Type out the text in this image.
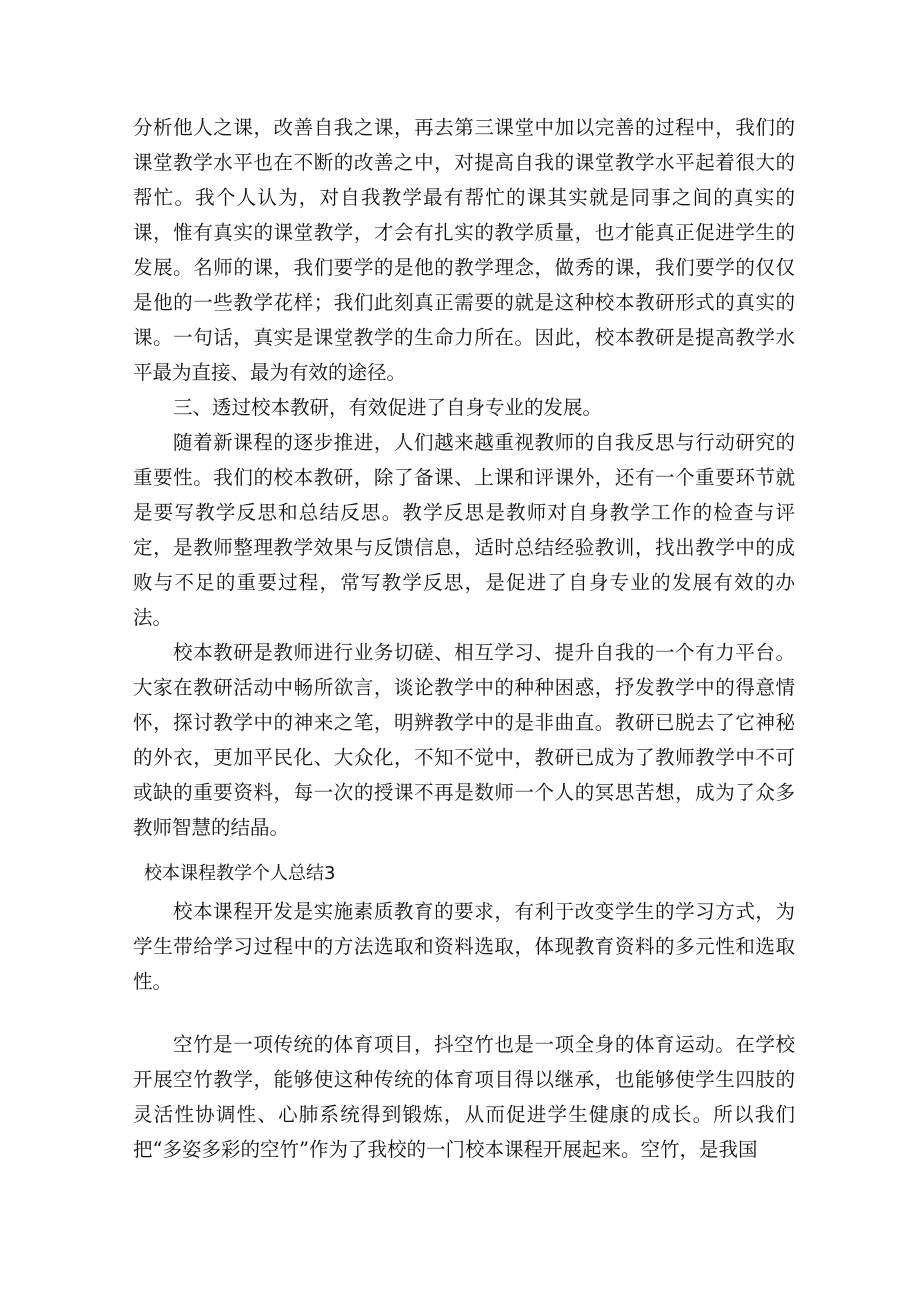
分析他人之课，改善自我之课，再去第三课堂中加以完善的过程中，我们的课堂教学水平也在不断的改善之中，对提高自我的课堂教学水平起着很大的帮忙。我个人认为，对自我教学最有帮忙的课其实就是同事之间的真实的课，惟有真实的课堂教学，才会有扎实的教学质量，也才能真正促进学生的发展。名师的课，我们要学的是他的教学理念，做秀的课，我们要学的仅仅是他的一些教学花样；我们此刻真正需要的就是这种校本教研形式的真实的课。一句话，真实是课堂教学的生命力所在。因此，校本教研是提高教学水平最为直接、最为有效的途径。

三、透过校本教研，有效促进了自身专业的发展。

随着新课程的逐步推进，人们越来越重视教师的自我反思与行动研究的重要性。我们的校本教研，除了备课、上课和评课外，还有一个重要环节就是要写教学反思和总结反思。教学反思是教师对自身教学工作的检查与评定，是教师整理教学效果与反馈信息，适时总结经验教训，找出教学中的成败与不足的重要过程，常写教学反思，是促进了自身专业的发展有效的办法。

校本教研是教师进行业务切磋、相互学习、提升自我的一个有力平台。大家在教研活动中畅所欲言，谈论教学中的种种困惑，抒发教学中的得意情怀，探讨教学中的神来之笔，明辨教学中的是非曲直。教研已脱去了它神秘的外衣，更加平民化、大众化，不知不觉中，教研已成为了教师教学中不可或缺的重要资料，每一次的授课不再是数师一个人的冥思苦想，成为了众多教师智慧的结晶。

校本课程教学个人总结3

校本课程开发是实施素质教育的要求，有利于改变学生的学习方式，为学生带给学习过程中的方法选取和资料选取，体现教育资料的多元性和选取性。

空竹是一项传统的体育项目，抖空竹也是一项全身的体育运动。在学校开展空竹教学，能够使这种传统的体育项目得以继承，也能够使学生四肢的灵活性协调性、心肺系统得到锻炼，从而促进学生健康的成长。所以我们把“多姿多彩的空竹”作为了我校的一门校本课程开展起来。空竹，是我国
